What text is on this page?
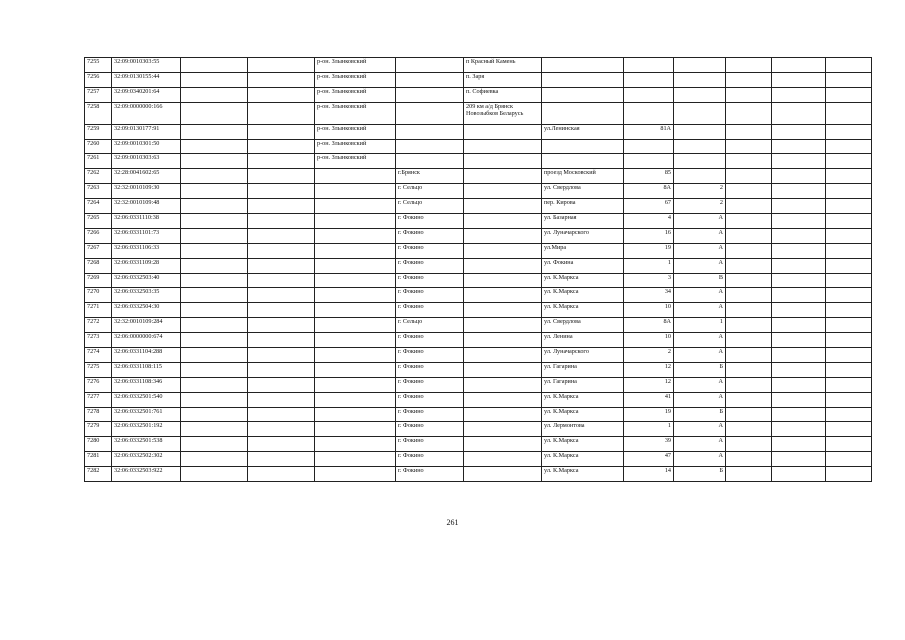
7255	32:09:0010303:55			р-он. Злынковский		п Красный Камень						
7256	32:09:0130155:44			р-он. Злынковский		п. Заря						
7257	32:09:0340201:64			р-он. Злынковский		п. Софиевка						
7258	32:09:0000000:166			р-он. Злынковский		209 км а/д Брянск Новозыбков Беларусь						
7259	32:09:0130177:91			р-он. Злынковский			ул.Ленинская	81А				
7260	32:09:0010301:50			р-он. Злынковский								
7261	32:09:0010303:63			р-он. Злынковский								
7262	32:28:0041602:65				г.Брянск		проезд Московский	85				
7263	32:32:0010109:30				г. Сельцо		ул. Свердлова	8А	2			
7264	32:32:0010109:48				г. Сельцо		пер. Кирова	67	2			
7265	32:06:0331110:38				г. Фокино		ул. Базарная	4	А			
7266	32:06:0331101:73				г. Фокино		ул. Луначарского	16	А			
7267	32:06:0331106:33				г. Фокино		ул.Мира	19	А			
7268	32:06:0331109:28				г. Фокино		ул. Фокина	1	А			
7269	32:06:0332503:40				г. Фокино		ул. К.Маркса	3	В			
7270	32:06:0332503:35				г. Фокино		ул. К.Маркса	34	А			
7271	32:06:0332504:30				г. Фокино		ул. К.Маркса	10	А			
7272	32:32:0010109:284				г. Сельцо		ул. Свердлова	8А	1			
7273	32:06:0000000:674				г. Фокино		ул. Ленина	10	А			
7274	32:06:0331104:288				г. Фокино		ул. Луначарского	2	А			
7275	32:06:0331108:115				г. Фокино		ул. Гагарина	12	Б			
7276	32:06:0331108:346				г. Фокино		ул. Гагарина	12	А			
7277	32:06:0332501:540				г. Фокино		ул. К.Маркса	41	А			
7278	32:06:0332501:761				г. Фокино		ул. К.Маркса	19	Б			
7279	32:06:0332501:192				г. Фокино		ул. Лермонтова	1	А			
7280	32:06:0332501:538				г. Фокино		ул. К.Маркса	39	А			
7281	32:06:0332502:302				г. Фокино		ул. К.Маркса	47	А			
7282	32:06:0332503:922				г. Фокино		ул. К.Маркса	14	Б			
261
